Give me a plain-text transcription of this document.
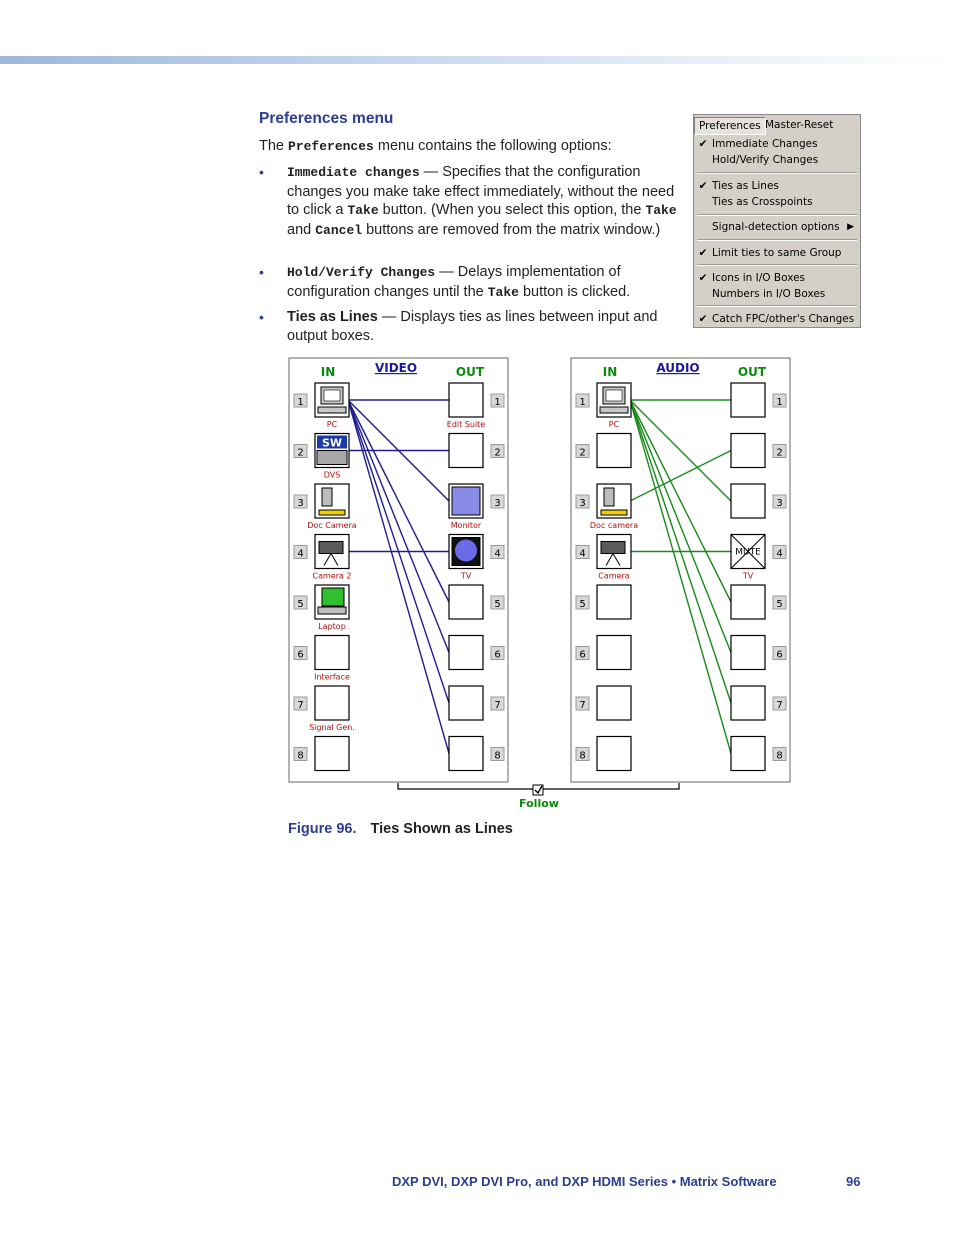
Preferences menu
The Preferences menu contains the following options:
• Immediate changes — Specifies that the configuration changes you make take effect immediately, without the need to click a Take button. (When you select this option, the Take and Cancel buttons are removed from the matrix window.)
• Hold/Verify Changes — Delays implementation of configuration changes until the Take button is clicked.
• Ties as Lines — Displays ties as lines between input and output boxes.
Preferences Master-Reset
✔ Immediate Changes
Hold/Verify Changes
✔ Ties as Lines
Ties as Crosspoints
Signal-detection options ▶
✔ Limit ties to same Group
✔ Icons in I/O Boxes
Numbers in I/O Boxes
✔ Catch FPC/other's Changes
IN	VIDEO	OUT
1
PC	Edit Suite
1
2
DVS
2
3
Doc Camera	Monitor
3
4
Camera 2	TV
4
5
Laptop
5
6
Interface
6
7
Signal Gen.
7
8	8
SW
IN	AUDIO	OUT
1
PC
1
2	2
3
Doc camera
3
4
Camera	TV
4
5	5
6	6
7	7
8	8
MUTE
Follow
Figure 96. Ties Shown as Lines
DXP DVI, DXP DVI Pro, and DXP HDMI Series • Matrix Software	96
